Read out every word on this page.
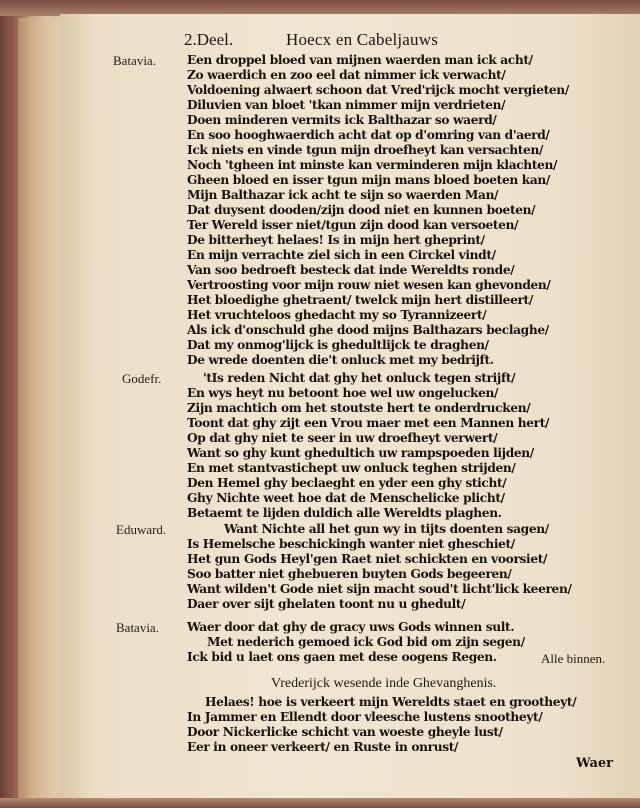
2.Deel.	Hoecx en Cabeljauws
Batavia.
Godefr.
Eduward.
Batavia.
Een droppel bloed van mijnen waerden man ick acht/
Zo waerdich en zoo eel dat nimmer ick verwacht/
Voldoening alwaert schoon dat Vred'rijck mocht vergieten/
Diluvien van bloet 'tkan nimmer mijn verdrieten/
Doen minderen vermits ick Balthazar so waerd/
En soo hooghwaerdich acht dat op d'omring van d'aerd/
Ick niets en vinde tgun mijn droefheyt kan versachten/
Noch 'tgheen int minste kan verminderen mijn klachten/
Gheen bloed en isser tgun mijn mans bloed boeten kan/
Mijn Balthazar ick acht te sijn so waerden Man/
Dat duysent dooden/zijn dood niet en kunnen boeten/
Ter Wereld isser niet/tgun zijn dood kan versoeten/
De bitterheyt helaes! Is in mijn hert gheprint/
En mijn verrachte ziel sich in een Circkel vindt/
Van soo bedroeft besteck dat inde Wereldts ronde/
Vertroosting voor mijn rouw niet wesen kan ghevonden/
Het bloedighe ghetraent/ twelck mijn hert distilleert/
Het vruchteloos ghedacht my so Tyrannizeert/
Als ick d'onschuld ghe dood mijns Balthazars beclaghe/
Dat my onmog'lijck is ghedultlijck te draghen/
De wrede doenten die't onluck met my bedrijft.
'tIs reden Nicht dat ghy het onluck tegen strijft/
En wys heyt nu betoont hoe wel uw ongelucken/
Zijn machtich om het stoutste hert te onderdrucken/
Toont dat ghy zijt een Vrou maer met een Mannen hert/
Op dat ghy niet te seer in uw droefheyt verwert/
Want so ghy kunt ghedultich uw rampspoeden lijden/
En met stantvastichept uw onluck teghen strijden/
Den Hemel ghy beclaeght en yder een ghy sticht/
Ghy Nichte weet hoe dat de Menschelicke plicht/
Betaemt te lijden duldich alle Wereldts plaghen.
Want Nichte all het gun wy in tijts doenten sagen/
Is Hemelsche beschickingh wanter niet gheschiet/
Het gun Gods Heyl'gen Raet niet schickten en voorsiet/
Soo batter niet ghebueren buyten Gods begeeren/
Want wilden't Gode niet sijn macht soud't licht'lick keeren/
Daer over sijt ghelaten toont nu u ghedult/
Waer door dat ghy de gracy uws Gods winnen sult.
Met nederich gemoed ick God bid om zijn segen/
Ick bid u laet ons gaen met dese oogens Regen.	Alle binnen.
Vrederijck wesende inde Ghevanghenis.
Helaes! hoe is verkeert mijn Wereldts staet en grootheyt/
In Jammer en Ellendt door vleesche lustens snootheyt/
Door Nickerlicke schicht van woeste gheyle lust/
Eer in oneer verkeert/ en Ruste in onrust/
Waer
